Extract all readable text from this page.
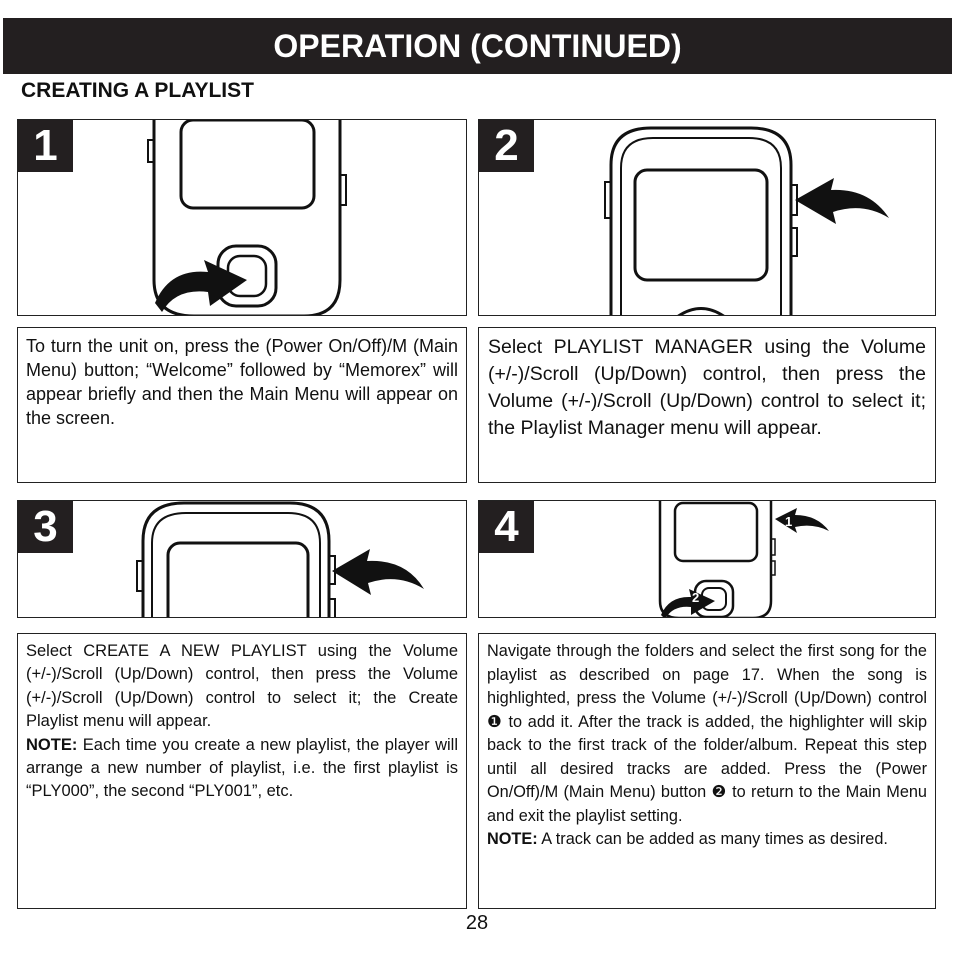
OPERATION (CONTINUED)
CREATING A PLAYLIST
1	2

To turn the unit on, press the (Power On/Off)/M (Main Menu) button; “Welcome” followed by “Memorex” will appear briefly and then the Main Menu will appear on the screen.

Select PLAYLIST MANAGER using the Volume (+/-)/Scroll (Up/Down) control, then press the Volume (+/-)/Scroll (Up/Down) control to select it; the Playlist Manager menu will appear.

3	1
2
4

Select CREATE A NEW PLAYLIST using the Volume (+/-)/Scroll (Up/Down) control, then press the Volume (+/-)/Scroll (Up/Down) control to select it; the Create Playlist menu will appear.

NOTE: Each time you create a new playlist, the player will arrange a new number of playlist, i.e. the first playlist is “PLY000”, the second “PLY001”, etc.

Navigate through the folders and select the first song for the playlist as described on page 17. When the song is highlighted, press the Volume (+/-)/Scroll (Up/Down) control ❶ to add it. After the track is added, the highlighter will skip back to the first track of the folder/album. Repeat this step until all desired tracks are added. Press the (Power On/Off)/M (Main Menu) button ❷ to return to the Main Menu and exit the playlist setting.

NOTE: A track can be added as many times as desired.

28
